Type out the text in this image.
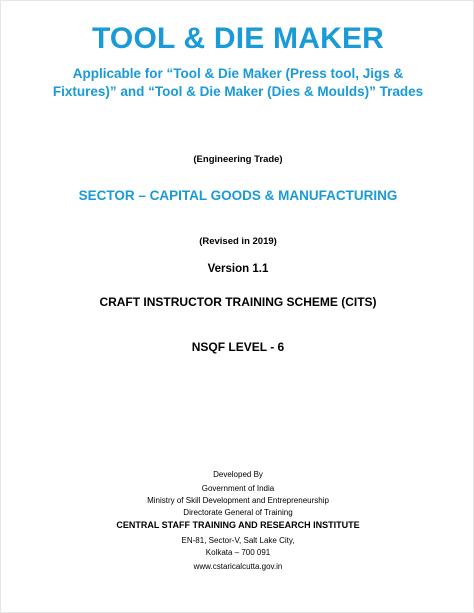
TOOL & DIE MAKER
Applicable for “Tool & Die Maker (Press tool, Jigs &
Fixtures)” and “Tool & Die Maker (Dies & Moulds)” Trades
(Engineering Trade)
SECTOR – CAPITAL GOODS & MANUFACTURING
(Revised in 2019)
Version 1.1
CRAFT INSTRUCTOR TRAINING SCHEME (CITS)
NSQF LEVEL - 6
Developed By
Government of India
Ministry of Skill Development and Entrepreneurship
Directorate General of Training
CENTRAL STAFF TRAINING AND RESEARCH INSTITUTE
EN-81, Sector-V, Salt Lake City,
Kolkata – 700 091
www.cstaricalcutta.gov.in
